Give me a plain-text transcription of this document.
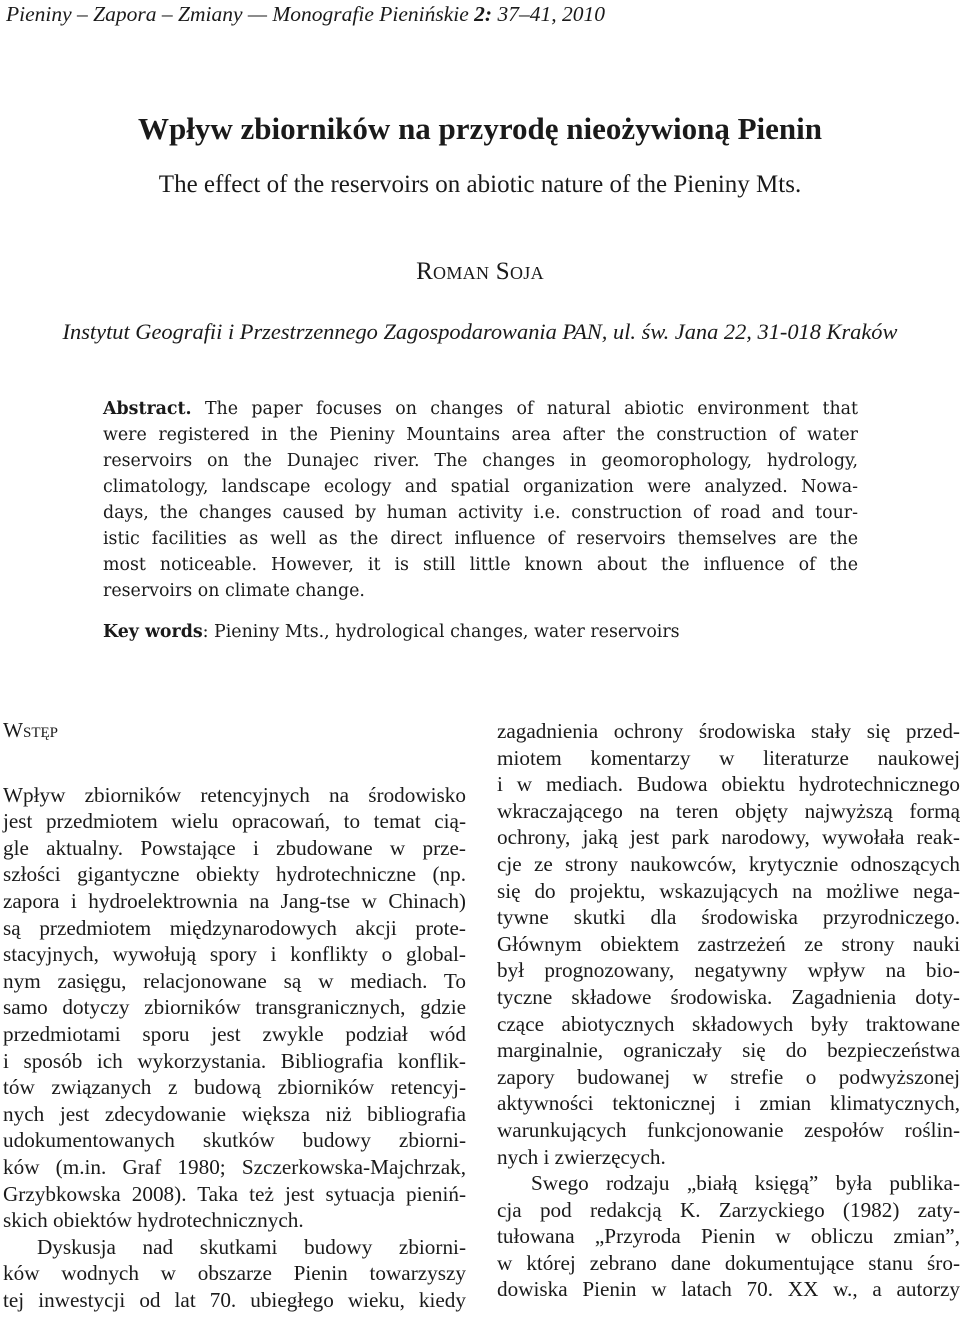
Pieniny – Zapora – Zmiany — Monografie Pienińskie 2: 37–41, 2010
Wpływ zbiorników na przyrodę nieożywioną Pienin
The effect of the reservoirs on abiotic nature of the Pieniny Mts.
Roman Soja
Instytut Geografii i Przestrzennego Zagospodarowania PAN, ul. św. Jana 22, 31-018 Kraków
Abstract. The paper focuses on changes of natural abiotic environment that
were registered in the Pieniny Mountains area after the construction of water
reservoirs on the Dunajec river. The changes in geomorophology, hydrology,
climatology, landscape ecology and spatial organization were analyzed. Nowa-
days, the changes caused by human activity i.e. construction of road and tour-
istic facilities as well as the direct influence of reservoirs themselves are the
most noticeable. However, it is still little known about the influence of the
reservoirs on climate change.
Key words: Pieniny Mts., hydrological changes, water reservoirs
Wstęp
Wpływ zbiorników retencyjnych na środowisko
jest przedmiotem wielu opracowań, to temat cią-
gle aktualny. Powstające i zbudowane w prze-
szłości gigantyczne obiekty hydrotechniczne (np.
zapora i hydroelektrownia na Jang-tse w Chinach)
są przedmiotem międzynarodowych akcji prote-
stacyjnych, wywołują spory i konflikty o global-
nym zasięgu, relacjonowane są w mediach. To
samo dotyczy zbiorników transgranicznych, gdzie
przedmiotami sporu jest zwykle podział wód
i sposób ich wykorzystania. Bibliografia konflik-
tów związanych z budową zbiorników retencyj-
nych jest zdecydowanie większa niż bibliografia
udokumentowanych skutków budowy zbiorni-
ków (m.in. Graf 1980; Szczerkowska-Majchrzak,
Grzybkowska 2008). Taka też jest sytuacja pieniń-
skich obiektów hydrotechnicznych.
Dyskusja nad skutkami budowy zbiorni-
ków wodnych w obszarze Pienin towarzyszy
tej inwestycji od lat 70. ubiegłego wieku, kiedy
zagadnienia ochrony środowiska stały się przed-
miotem komentarzy w literaturze naukowej
i w mediach. Budowa obiektu hydrotechnicznego
wkraczającego na teren objęty najwyższą formą
ochrony, jaką jest park narodowy, wywołała reak-
cje ze strony naukowców, krytycznie odnoszących
się do projektu, wskazujących na możliwe nega-
tywne skutki dla środowiska przyrodniczego.
Głównym obiektem zastrzeżeń ze strony nauki
był prognozowany, negatywny wpływ na bio-
tyczne składowe środowiska. Zagadnienia doty-
czące abiotycznych składowych były traktowane
marginalnie, ograniczały się do bezpieczeństwa
zapory budowanej w strefie o podwyższonej
aktywności tektonicznej i zmian klimatycznych,
warunkujących funkcjonowanie zespołów roślin-
nych i zwierzęcych.
Swego rodzaju „białą księgą” była publika-
cja pod redakcją K. Zarzyckiego (1982) zaty-
tułowana „Przyroda Pienin w obliczu zmian”,
w której zebrano dane dokumentujące stanu śro-
dowiska Pienin w latach 70. XX w., a autorzy
